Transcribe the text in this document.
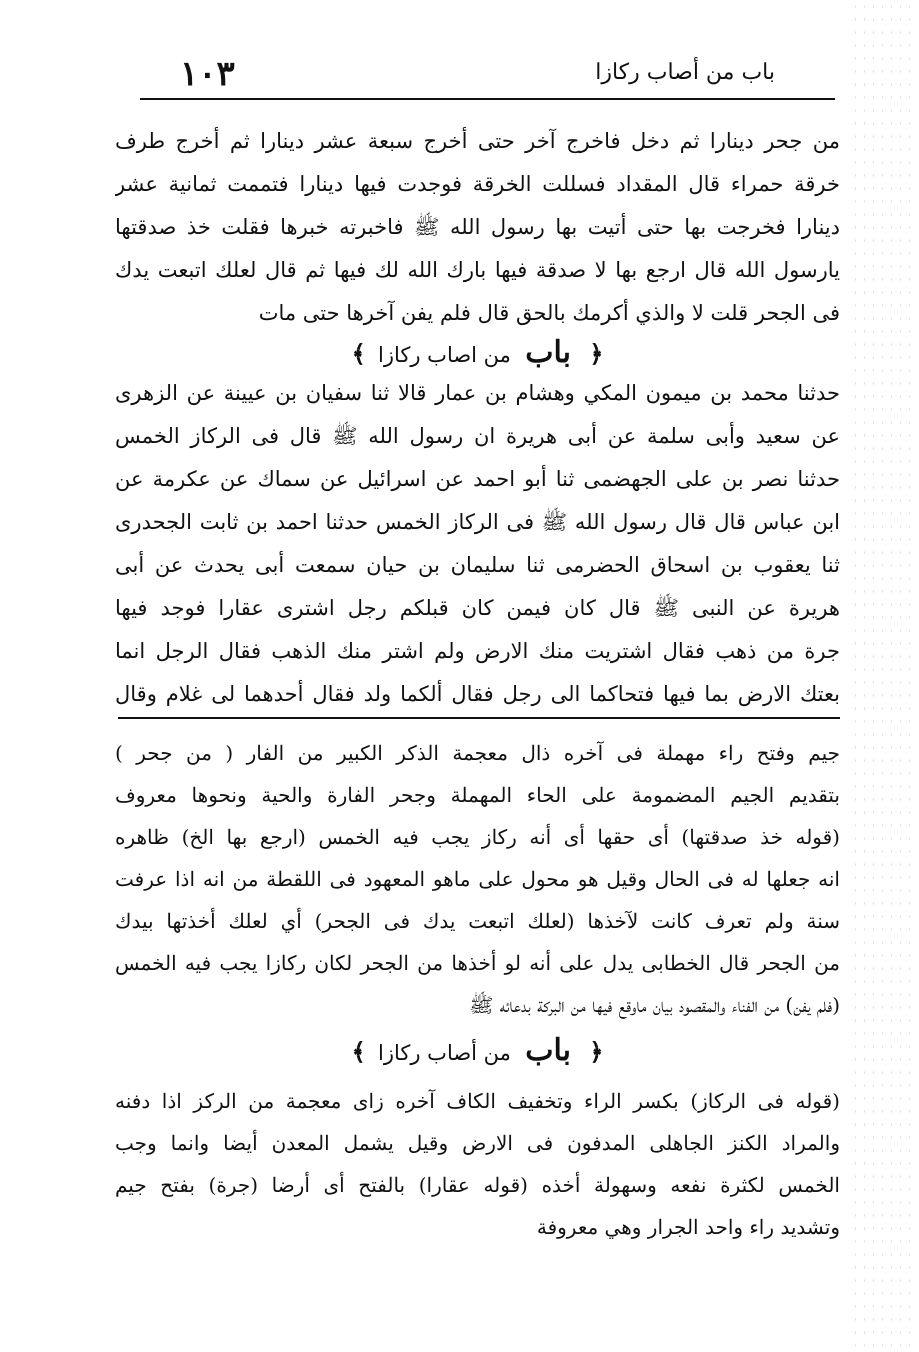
١٠٣	باب من أصاب ركازا
من جحر دينارا ثم دخل فاخرج آخر حتى أخرج سبعة عشر دينارا ثم أخرج طرف
خرقة حمراء قال المقداد فسللت الخرقة فوجدت فيها دينارا فتممت ثمانية عشر
دينارا فخرجت بها حتى أتيت بها رسول الله ﷺ فاخبرته خبرها فقلت خذ صدقتها
يارسول الله قال ارجع بها لا صدقة فيها بارك الله لك فيها ثم قال لعلك اتبعت يدك
فى الجحر قلت لا والذي أكرمك بالحق قال فلم يفن آخرها حتى مات
﴿ باب من اصاب ركازا ﴾
حدثنا محمد بن ميمون المكي وهشام بن عمار قالا ثنا سفيان بن عيينة عن الزهرى
عن سعيد وأبى سلمة عن أبى هريرة ان رسول الله ﷺ قال فى الركاز الخمس
حدثنا نصر بن على الجهضمى ثنا أبو احمد عن اسرائيل عن سماك عن عكرمة عن
ابن عباس قال قال رسول الله ﷺ فى الركاز الخمس حدثنا احمد بن ثابت الجحدرى
ثنا يعقوب بن اسحاق الحضرمى ثنا سليمان بن حيان سمعت أبى يحدث عن أبى
هريرة عن النبى ﷺ قال كان فيمن كان قبلكم رجل اشترى عقارا فوجد فيها
جرة من ذهب فقال اشتريت منك الارض ولم اشتر منك الذهب فقال الرجل انما
بعتك الارض بما فيها فتحاكما الى رجل فقال ألكما ولد فقال أحدهما لى غلام وقال
جيم وفتح راء مهملة فى آخره ذال معجمة الذكر الكبير من الفار ( من جحر )
بتقديم الجيم المضمومة على الحاء المهملة وجحر الفارة والحية ونحوها معروف
(قوله خذ صدقتها) أى حقها أى أنه ركاز يجب فيه الخمس (ارجع بها الخ) ظاهره
انه جعلها له فى الحال وقيل هو محول على ماهو المعهود فى اللقطة من انه اذا عرفت
سنة ولم تعرف كانت لآخذها (لعلك اتبعت يدك فى الجحر) أي لعلك أخذتها بيدك
من الجحر قال الخطابى يدل على أنه لو أخذها من الجحر لكان ركازا يجب فيه الخمس
(فلم يفن) من الفناء والمقصود بيان ماوقع فيها من البركة بدعائه ﷺ
﴿ باب من أصاب ركازا ﴾
(قوله فى الركاز) بكسر الراء وتخفيف الكاف آخره زاى معجمة من الركز اذا دفنه
والمراد الكنز الجاهلى المدفون فى الارض وقيل يشمل المعدن أيضا وانما وجب
الخمس لكثرة نفعه وسهولة أخذه (قوله عقارا) بالفتح أى أرضا (جرة) بفتح جيم
وتشديد راء واحد الجرار وهي معروفة
